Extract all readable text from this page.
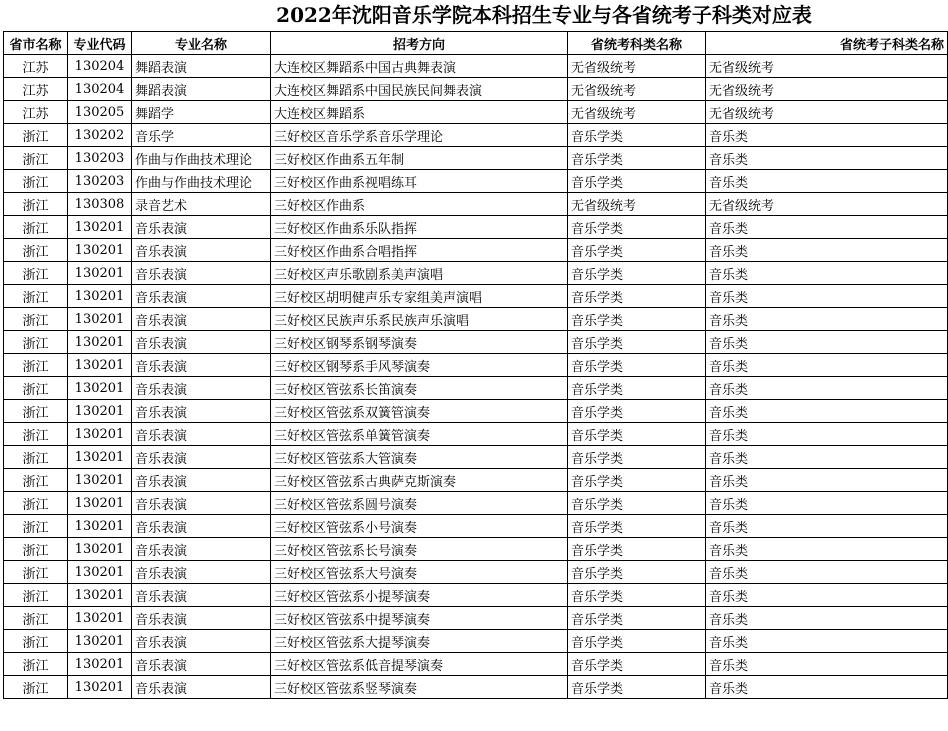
2022年沈阳音乐学院本科招生专业与各省统考子科类对应表
省市名称	专业代码	专业名称	招考方向	省统考科类名称	省统考子科类名称
江苏	130204	舞蹈表演	大连校区舞蹈系中国古典舞表演	无省级统考	无省级统考
江苏	130204	舞蹈表演	大连校区舞蹈系中国民族民间舞表演	无省级统考	无省级统考
江苏	130205	舞蹈学	大连校区舞蹈系	无省级统考	无省级统考
浙江	130202	音乐学	三好校区音乐学系音乐学理论	音乐学类	音乐类
浙江	130203	作曲与作曲技术理论	三好校区作曲系五年制	音乐学类	音乐类
浙江	130203	作曲与作曲技术理论	三好校区作曲系视唱练耳	音乐学类	音乐类
浙江	130308	录音艺术	三好校区作曲系	无省级统考	无省级统考
浙江	130201	音乐表演	三好校区作曲系乐队指挥	音乐学类	音乐类
浙江	130201	音乐表演	三好校区作曲系合唱指挥	音乐学类	音乐类
浙江	130201	音乐表演	三好校区声乐歌剧系美声演唱	音乐学类	音乐类
浙江	130201	音乐表演	三好校区胡明健声乐专家组美声演唱	音乐学类	音乐类
浙江	130201	音乐表演	三好校区民族声乐系民族声乐演唱	音乐学类	音乐类
浙江	130201	音乐表演	三好校区钢琴系钢琴演奏	音乐学类	音乐类
浙江	130201	音乐表演	三好校区钢琴系手风琴演奏	音乐学类	音乐类
浙江	130201	音乐表演	三好校区管弦系长笛演奏	音乐学类	音乐类
浙江	130201	音乐表演	三好校区管弦系双簧管演奏	音乐学类	音乐类
浙江	130201	音乐表演	三好校区管弦系单簧管演奏	音乐学类	音乐类
浙江	130201	音乐表演	三好校区管弦系大管演奏	音乐学类	音乐类
浙江	130201	音乐表演	三好校区管弦系古典萨克斯演奏	音乐学类	音乐类
浙江	130201	音乐表演	三好校区管弦系圆号演奏	音乐学类	音乐类
浙江	130201	音乐表演	三好校区管弦系小号演奏	音乐学类	音乐类
浙江	130201	音乐表演	三好校区管弦系长号演奏	音乐学类	音乐类
浙江	130201	音乐表演	三好校区管弦系大号演奏	音乐学类	音乐类
浙江	130201	音乐表演	三好校区管弦系小提琴演奏	音乐学类	音乐类
浙江	130201	音乐表演	三好校区管弦系中提琴演奏	音乐学类	音乐类
浙江	130201	音乐表演	三好校区管弦系大提琴演奏	音乐学类	音乐类
浙江	130201	音乐表演	三好校区管弦系低音提琴演奏	音乐学类	音乐类
浙江	130201	音乐表演	三好校区管弦系竖琴演奏	音乐学类	音乐类
